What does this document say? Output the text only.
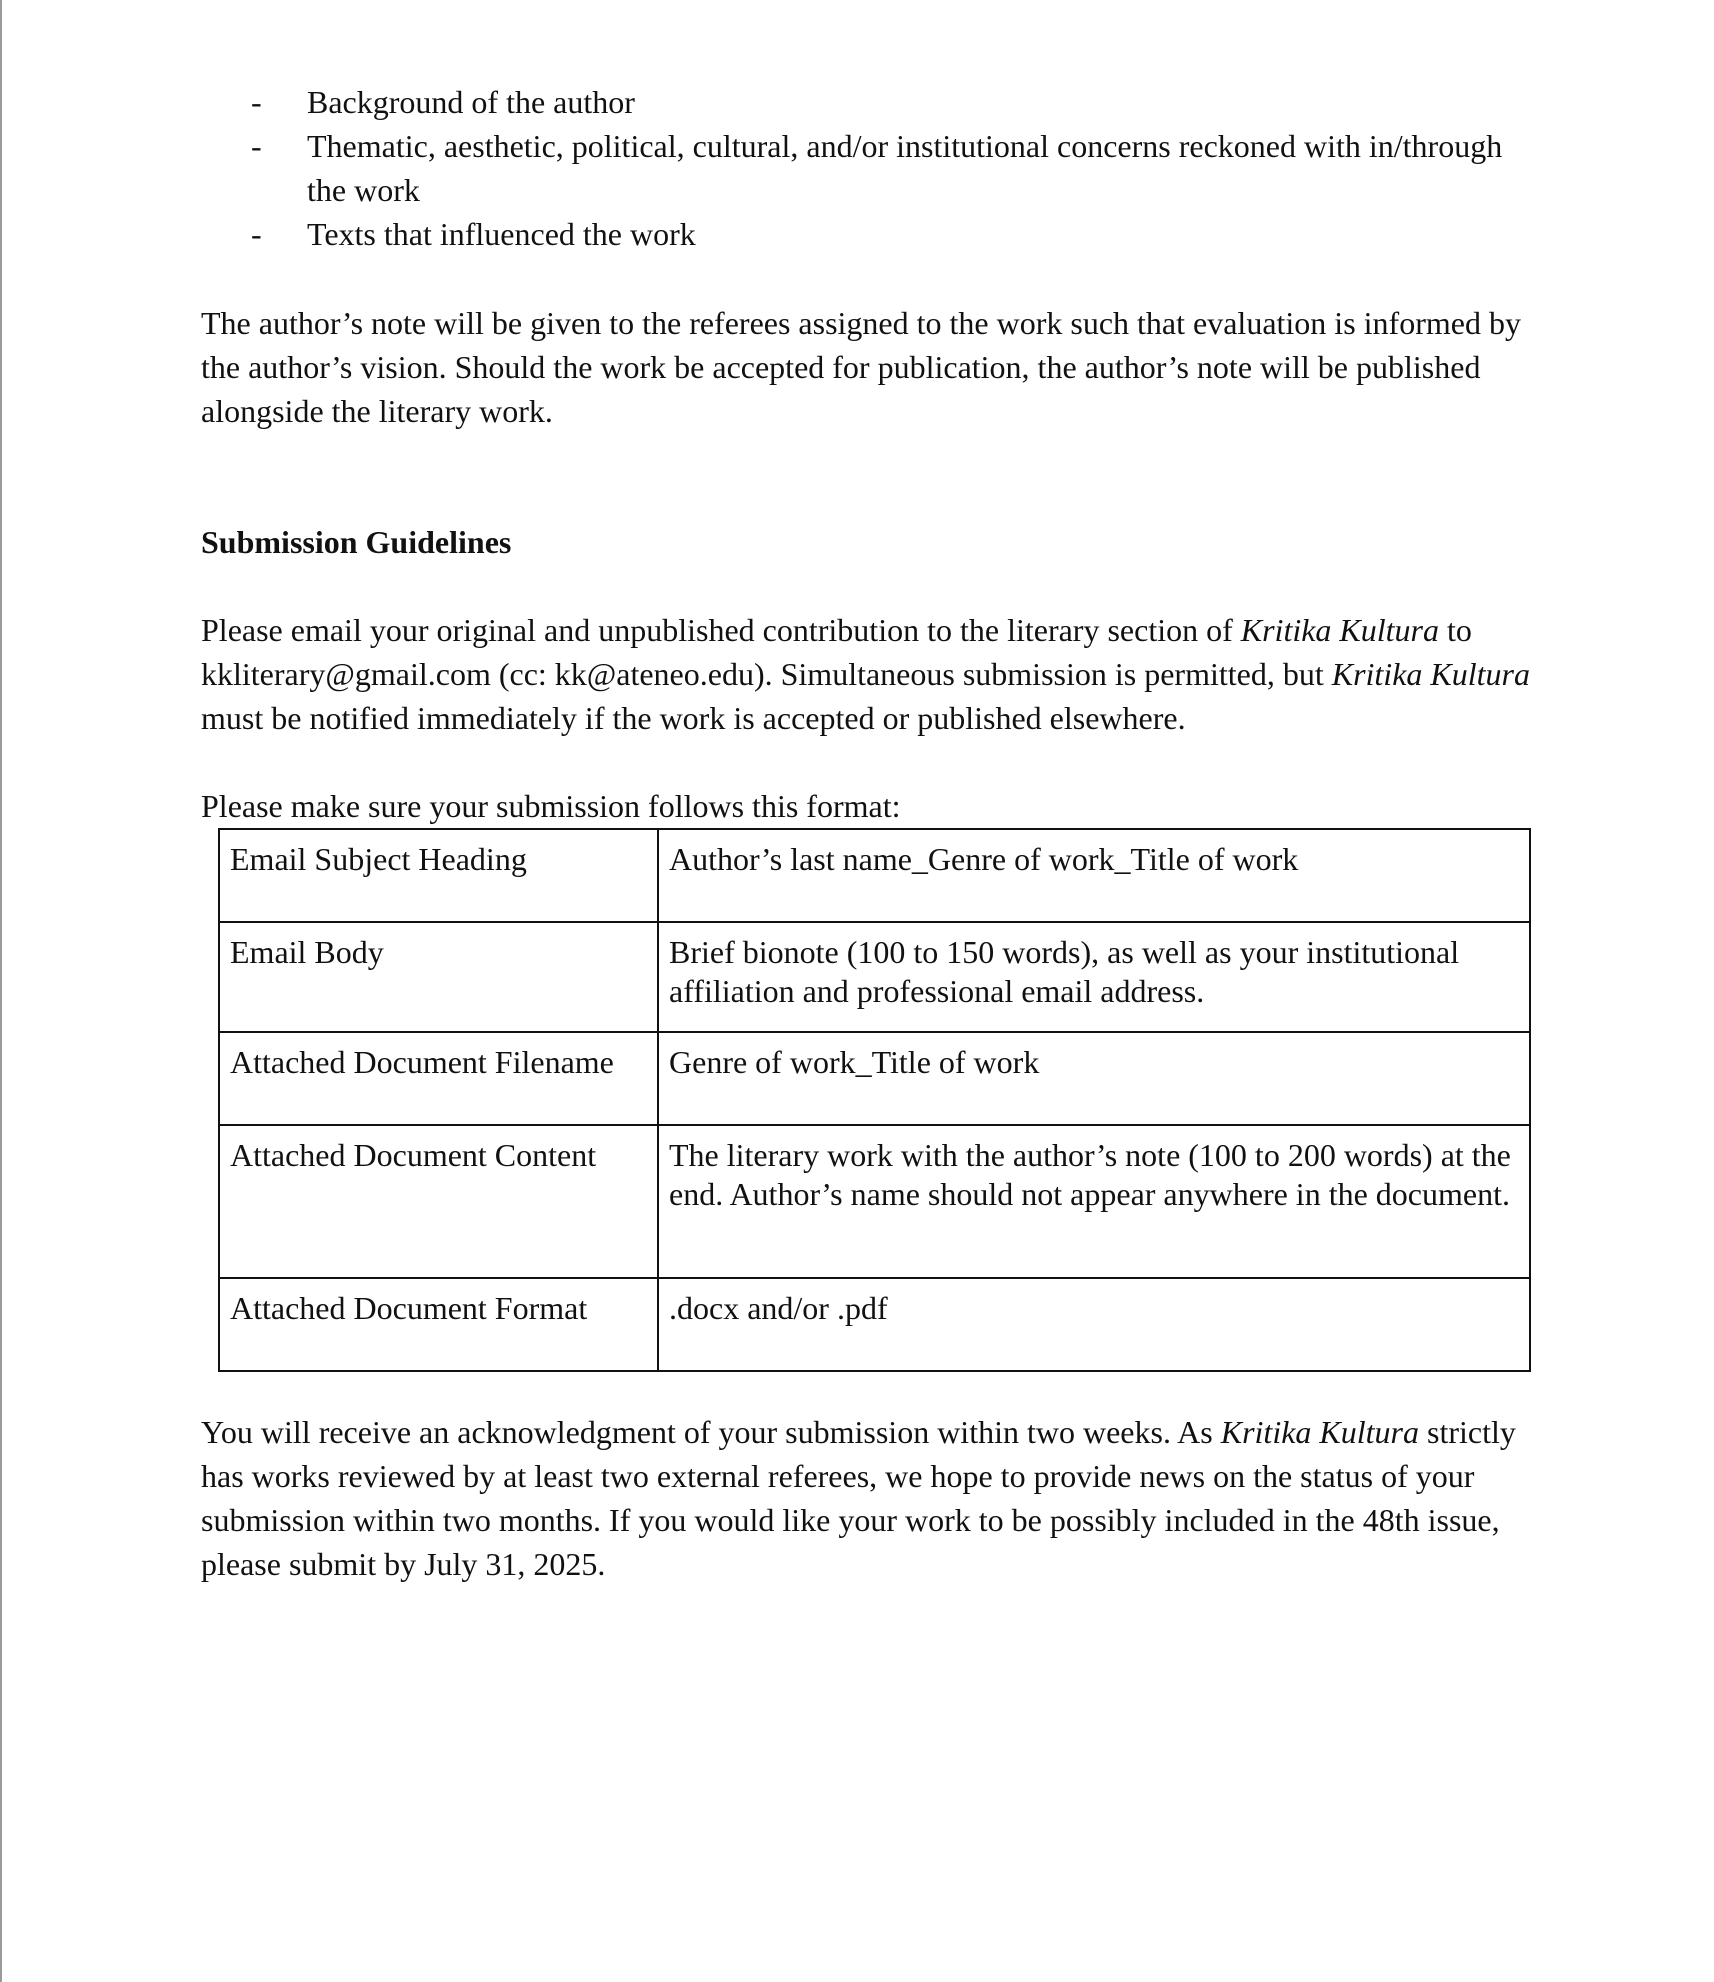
- Background of the author
- Thematic, aesthetic, political, cultural, and/or institutional concerns reckoned with in/through the work
- Texts that influenced the work

The author’s note will be given to the referees assigned to the work such that evaluation is informed by the author’s vision. Should the work be accepted for publication, the author’s note will be published alongside the literary work.

Submission Guidelines

Please email your original and unpublished contribution to the literary section of Kritika Kultura to kkliterary@gmail.com (cc: kk@ateneo.edu). Simultaneous submission is permitted, but Kritika Kultura must be notified immediately if the work is accepted or published elsewhere.

Please make sure your submission follows this format:

Email Subject Heading	Author’s last name_Genre of work_Title of work
Email Body	Brief bionote (100 to 150 words), as well as your institutional affiliation and professional email address.
Attached Document Filename	Genre of work_Title of work
Attached Document Content	The literary work with the author’s note (100 to 200 words) at the end. Author’s name should not appear anywhere in the document.
Attached Document Format	.docx and/or .pdf

You will receive an acknowledgment of your submission within two weeks. As Kritika Kultura strictly has works reviewed by at least two external referees, we hope to provide news on the status of your submission within two months. If you would like your work to be possibly included in the 48th issue, please submit by July 31, 2025.
